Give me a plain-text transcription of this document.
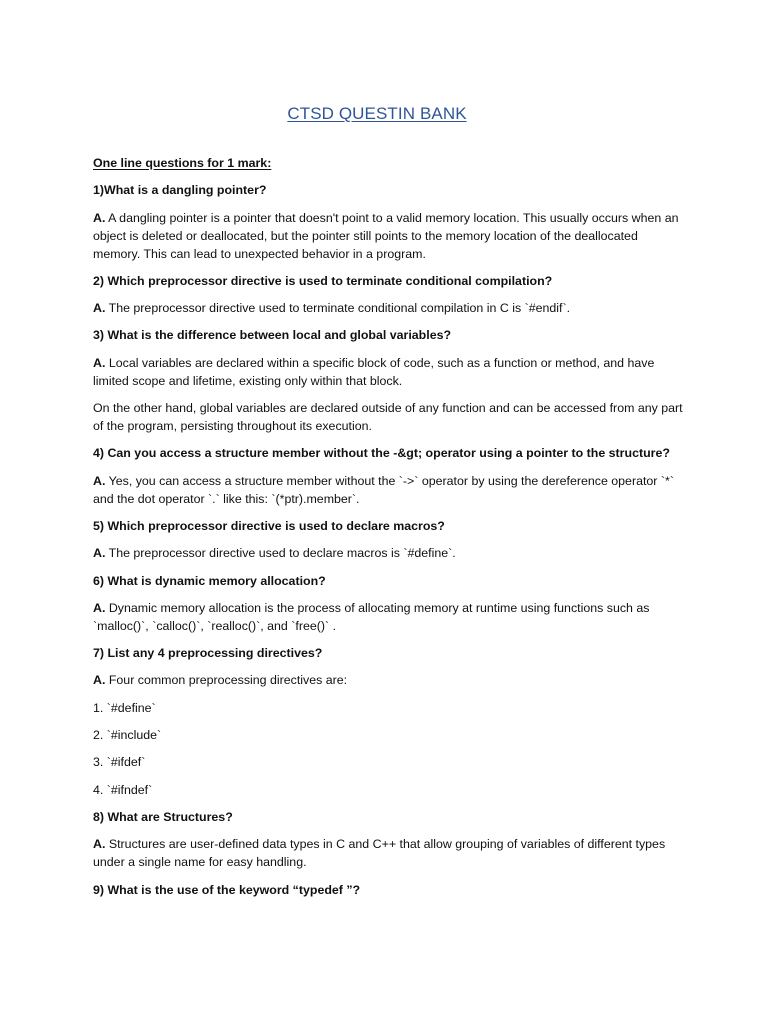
CTSD QUESTIN BANK

One line questions for 1 mark:

1)What is a dangling pointer?

A. A dangling pointer is a pointer that doesn't point to a valid memory location. This usually occurs when an object is deleted or deallocated, but the pointer still points to the memory location of the deallocated memory. This can lead to unexpected behavior in a program.

2) Which preprocessor directive is used to terminate conditional compilation?

A. The preprocessor directive used to terminate conditional compilation in C is `#endif`.

3) What is the difference between local and global variables?

A. Local variables are declared within a specific block of code, such as a function or method, and have limited scope and lifetime, existing only within that block.

On the other hand, global variables are declared outside of any function and can be accessed from any part of the program, persisting throughout its execution.

4) Can you access a structure member without the -&gt; operator using a pointer to the structure?

A. Yes, you can access a structure member without the `->` operator by using the dereference operator `*` and the dot operator `.` like this: `(*ptr).member`.

5) Which preprocessor directive is used to declare macros?

A. The preprocessor directive used to declare macros is `#define`.

6) What is dynamic memory allocation?

A. Dynamic memory allocation is the process of allocating memory at runtime using functions such as `malloc()`, `calloc()`, `realloc()`, and `free()` .

7) List any 4 preprocessing directives?

A. Four common preprocessing directives are:

1. `#define`

2. `#include`

3. `#ifdef`

4. `#ifndef`

8) What are Structures?

A. Structures are user-defined data types in C and C++ that allow grouping of variables of different types under a single name for easy handling.

9) What is the use of the keyword “typedef ”?
